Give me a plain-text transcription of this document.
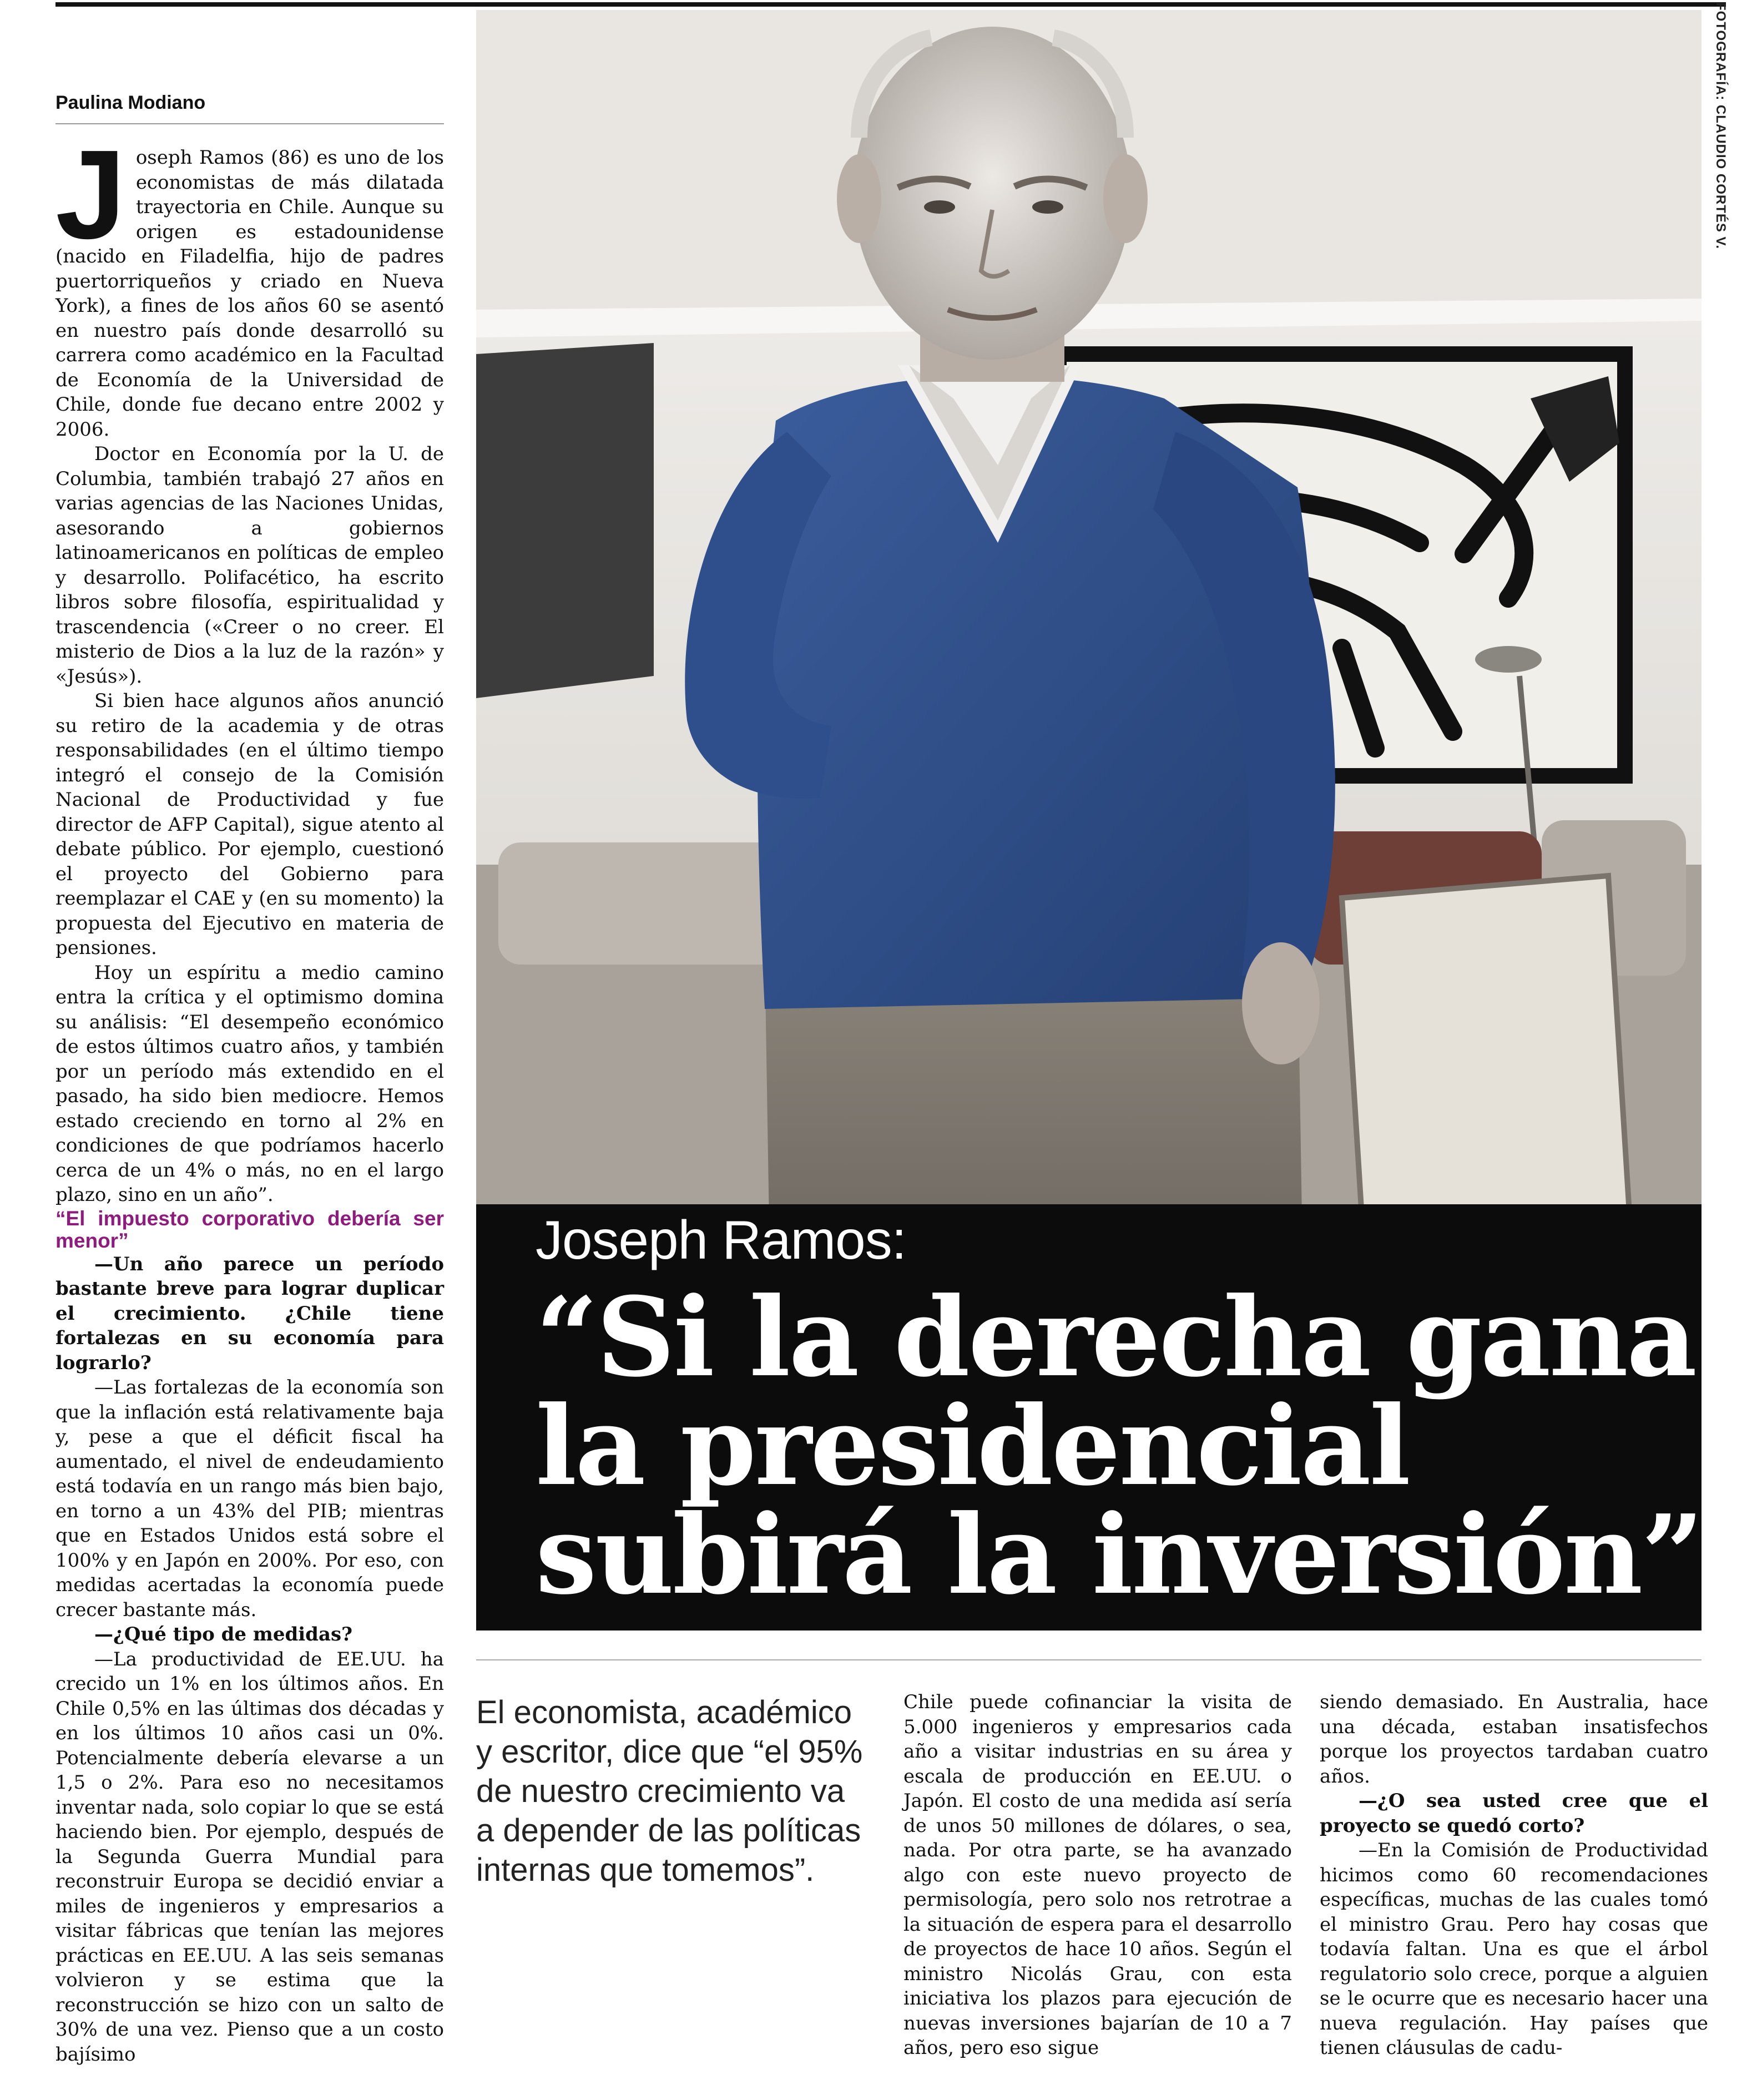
Paulina Modiano

Joseph Ramos (86) es uno de los economistas de más dilatada trayectoria en Chile. Aunque su origen es estadounidense (nacido en Filadelfia, hijo de padres puertorriqueños y criado en Nueva York), a fines de los años 60 se asentó en nuestro país donde desarrolló su carrera como académico en la Facultad de Economía de la Universidad de Chile, donde fue decano entre 2002 y 2006.

Doctor en Economía por la U. de Columbia, también trabajó 27 años en varias agencias de las Naciones Unidas, asesorando a gobiernos latinoamericanos en políticas de empleo y desarrollo. Polifacético, ha escrito libros sobre filosofía, espiritualidad y trascendencia («Creer o no creer. El misterio de Dios a la luz de la razón» y «Jesús»).

Si bien hace algunos años anunció su retiro de la academia y de otras responsabilidades (en el último tiempo integró el consejo de la Comisión Nacional de Productividad y fue director de AFP Capital), sigue atento al debate público. Por ejemplo, cuestionó el proyecto del Gobierno para reemplazar el CAE y (en su momento) la propuesta del Ejecutivo en materia de pensiones.

Hoy un espíritu a medio camino entra la crítica y el optimismo domina su análisis: “El desempeño económico de estos últimos cuatro años, y también por un período más extendido en el pasado, ha sido bien mediocre. Hemos estado creciendo en torno al 2% en condiciones de que podríamos hacerlo cerca de un 4% o más, no en el largo plazo, sino en un año”.

“El impuesto corporativo debería ser menor”

—Un año parece un período bastante breve para lograr duplicar el crecimiento. ¿Chile tiene fortalezas en su economía para lograrlo?

—Las fortalezas de la economía son que la inflación está relativamente baja y, pese a que el déficit fiscal ha aumentado, el nivel de endeudamiento está todavía en un rango más bien bajo, en torno a un 43% del PIB; mientras que en Estados Unidos está sobre el 100% y en Japón en 200%. Por eso, con medidas acertadas la economía puede crecer bastante más.

—¿Qué tipo de medidas?

—La productividad de EE.UU. ha crecido un 1% en los últimos años. En Chile 0,5% en las últimas dos décadas y en los últimos 10 años casi un 0%. Potencialmente debería elevarse a un 1,5 o 2%. Para eso no necesitamos inventar nada, solo copiar lo que se está haciendo bien. Por ejemplo, después de la Segunda Guerra Mundial para reconstruir Europa se decidió enviar a miles de ingenieros y empresarios a visitar fábricas que tenían las mejores prácticas en EE.UU. A las seis semanas volvieron y se estima que la reconstrucción se hizo con un salto de 30% de una vez. Pienso que a un costo bajísimo

FOTOGRAFÍA: CLAUDIO CORTÉS V.
Joseph Ramos:
“Si la derecha gana
la presidencial
subirá la inversión”
El economista, académico y escritor, dice que “el 95% de nuestro crecimiento va a depender de las políticas internas que tomemos”.

Chile puede cofinanciar la visita de 5.000 ingenieros y empresarios cada año a visitar industrias en su área y escala de producción en EE.UU. o Japón. El costo de una medida así sería de unos 50 millones de dólares, o sea, nada. Por otra parte, se ha avanzado algo con este nuevo proyecto de permisología, pero solo nos retrotrae a la situación de espera para el desarrollo de proyectos de hace 10 años. Según el ministro Nicolás Grau, con esta iniciativa los plazos para ejecución de nuevas inversiones bajarían de 10 a 7 años, pero eso sigue

siendo demasiado. En Australia, hace una década, estaban insatisfechos porque los proyectos tardaban cuatro años.

—¿O sea usted cree que el proyecto se quedó corto?

—En la Comisión de Productividad hicimos como 60 recomendaciones específicas, muchas de las cuales tomó el ministro Grau. Pero hay cosas que todavía faltan. Una es que el árbol regulatorio solo crece, porque a alguien se le ocurre que es necesario hacer una nueva regulación. Hay países que tienen cláusulas de cadu-
